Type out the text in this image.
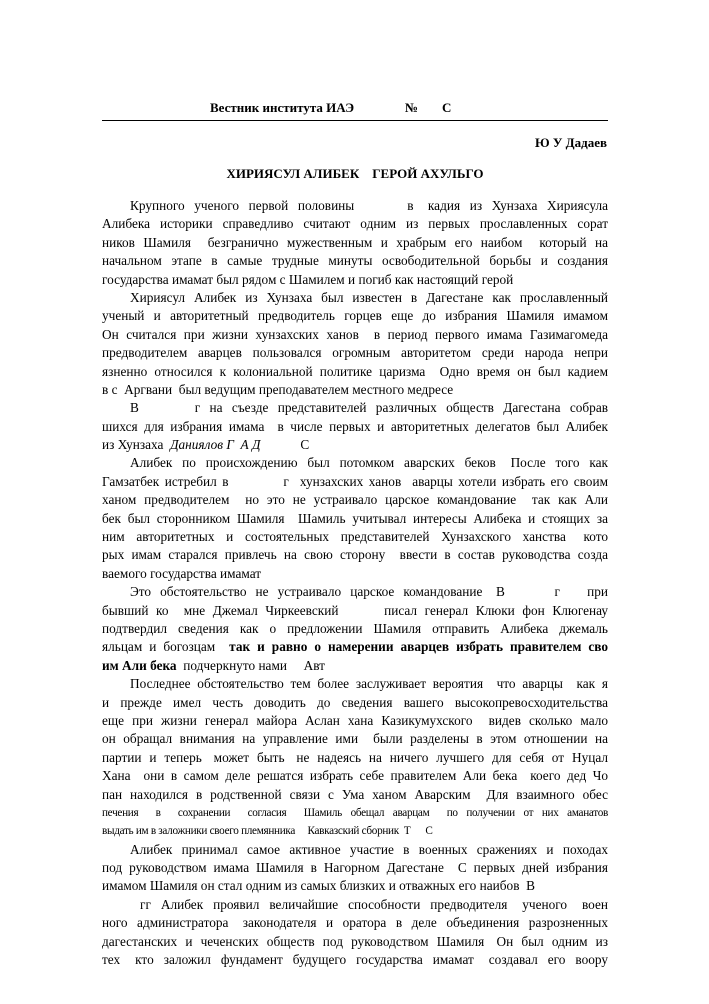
Вестник института ИАЭ	№ С
Ю У Дадаев
ХИРИЯСУЛ АЛИБЕК    ГЕРОЙ АХУЛЬГО
Крупного  ученого  первой  половины           в   кадия  из  Хунзаха  Хириясула
Алибека  историки  справедливо  считают  одним  из  первых  прославленных  сорат
ников Шамиля  безгранично мужественным и храбрым его наибом  который на
начальном  этапе  в  самые  трудные  минуты  освободительной  борьбы  и  создания
государства имамат был рядом с Шамилем и погиб как настоящий герой
Хириясул  Алибек  из  Хунзаха  был  известен  в  Дагестане  как  прославленный
ученый и авторитетный предводитель горцев еще до избрания Шамиля имамом
Он считался при жизни хунзахских ханов  в период первого имама Газимагомеда
предводителем  аварцев  пользовался  огромным  авторитетом  среди  народа  непри
язненно относился к колониальной политике царизма  Одно время он был кадием
в с  Аргвани  был ведущим преподавателем местного медресе
В            г  на  съезде  представителей  различных  обществ  Дагестана  собрав
шихся для избрания имама  в числе первых и авторитетных делегатов был Алибек
из Хунзаха  Даниялов Г  А Д            С
Алибек  по  происхождению  был  потомком  аварских  беков   После  того  как
Гамзатбек истребил в          г  хунзахских ханов  аварцы хотели избрать его своим
ханом предводителем  но это не устраивало царское командование  так как Али
бек был сторонником Шамиля  Шамиль учитывал интересы Алибека и стоящих за
ним  авторитетных  и  состоятельных  представителей  Хунзахского  ханства   кото
рых имам старался привлечь на свою сторону  ввести в состав руководства созда
ваемого государства имамат
Это  обстоятельство  не  устраивало  царское  командование   В           г      при
бывший ко  мне Джемал Чиркеевский      писал генерал Клюки фон Клюгенау
подтвердил  сведения  как  о  предложении  Шамиля  отправить  Алибека  джемаль
яльцам и богозцам  так и равно о намерении аварцев избрать правителем сво
им Али бека  подчеркнуто нами     Авт
Последнее обстоятельство тем более заслуживает вероятия  что аварцы  как я
и  прежде  имел  честь  доводить  до  сведения  вашего  высокопревосходительства
еще при жизни генерал майора Аслан хана Казикумухского  видев сколько мало
он обращал внимания на управление ими  были разделены в этом отношении на
партии  и  теперь   может  быть   не  надеясь  на  ничего  лучшего  для  себя  от  Нуцал
Хана  они в самом деле решатся избрать себе правителем Али бека  коего дед Чо
пан находился в родственной связи с Ума ханом Аварским  Для взаимного обес
печения  в  сохранении  согласия  Шамиль обещал аварцам  по получении от них аманатов
выдать им в заложники своего племянника     Кавказский сборник  Т      С
Алибек  принимал  самое  активное  участие  в  военных  сражениях  и  походах
под руководством имама Шамиля в Нагорном Дагестане  С первых дней избрания
имамом Шамиля он стал одним из самых близких и отважных его наибов  В
гг  Алибек  проявил  величайшие  способности  предводителя   ученого   воен
ного  администратора   законодателя  и  оратора  в  деле  объединения  разрозненных
дагестанских  и  чеченских  обществ  под  руководством  Шамиля   Он  был  одним  из
тех   кто  заложил  фундамент  будущего  государства  имамат   создавал  его  воору
